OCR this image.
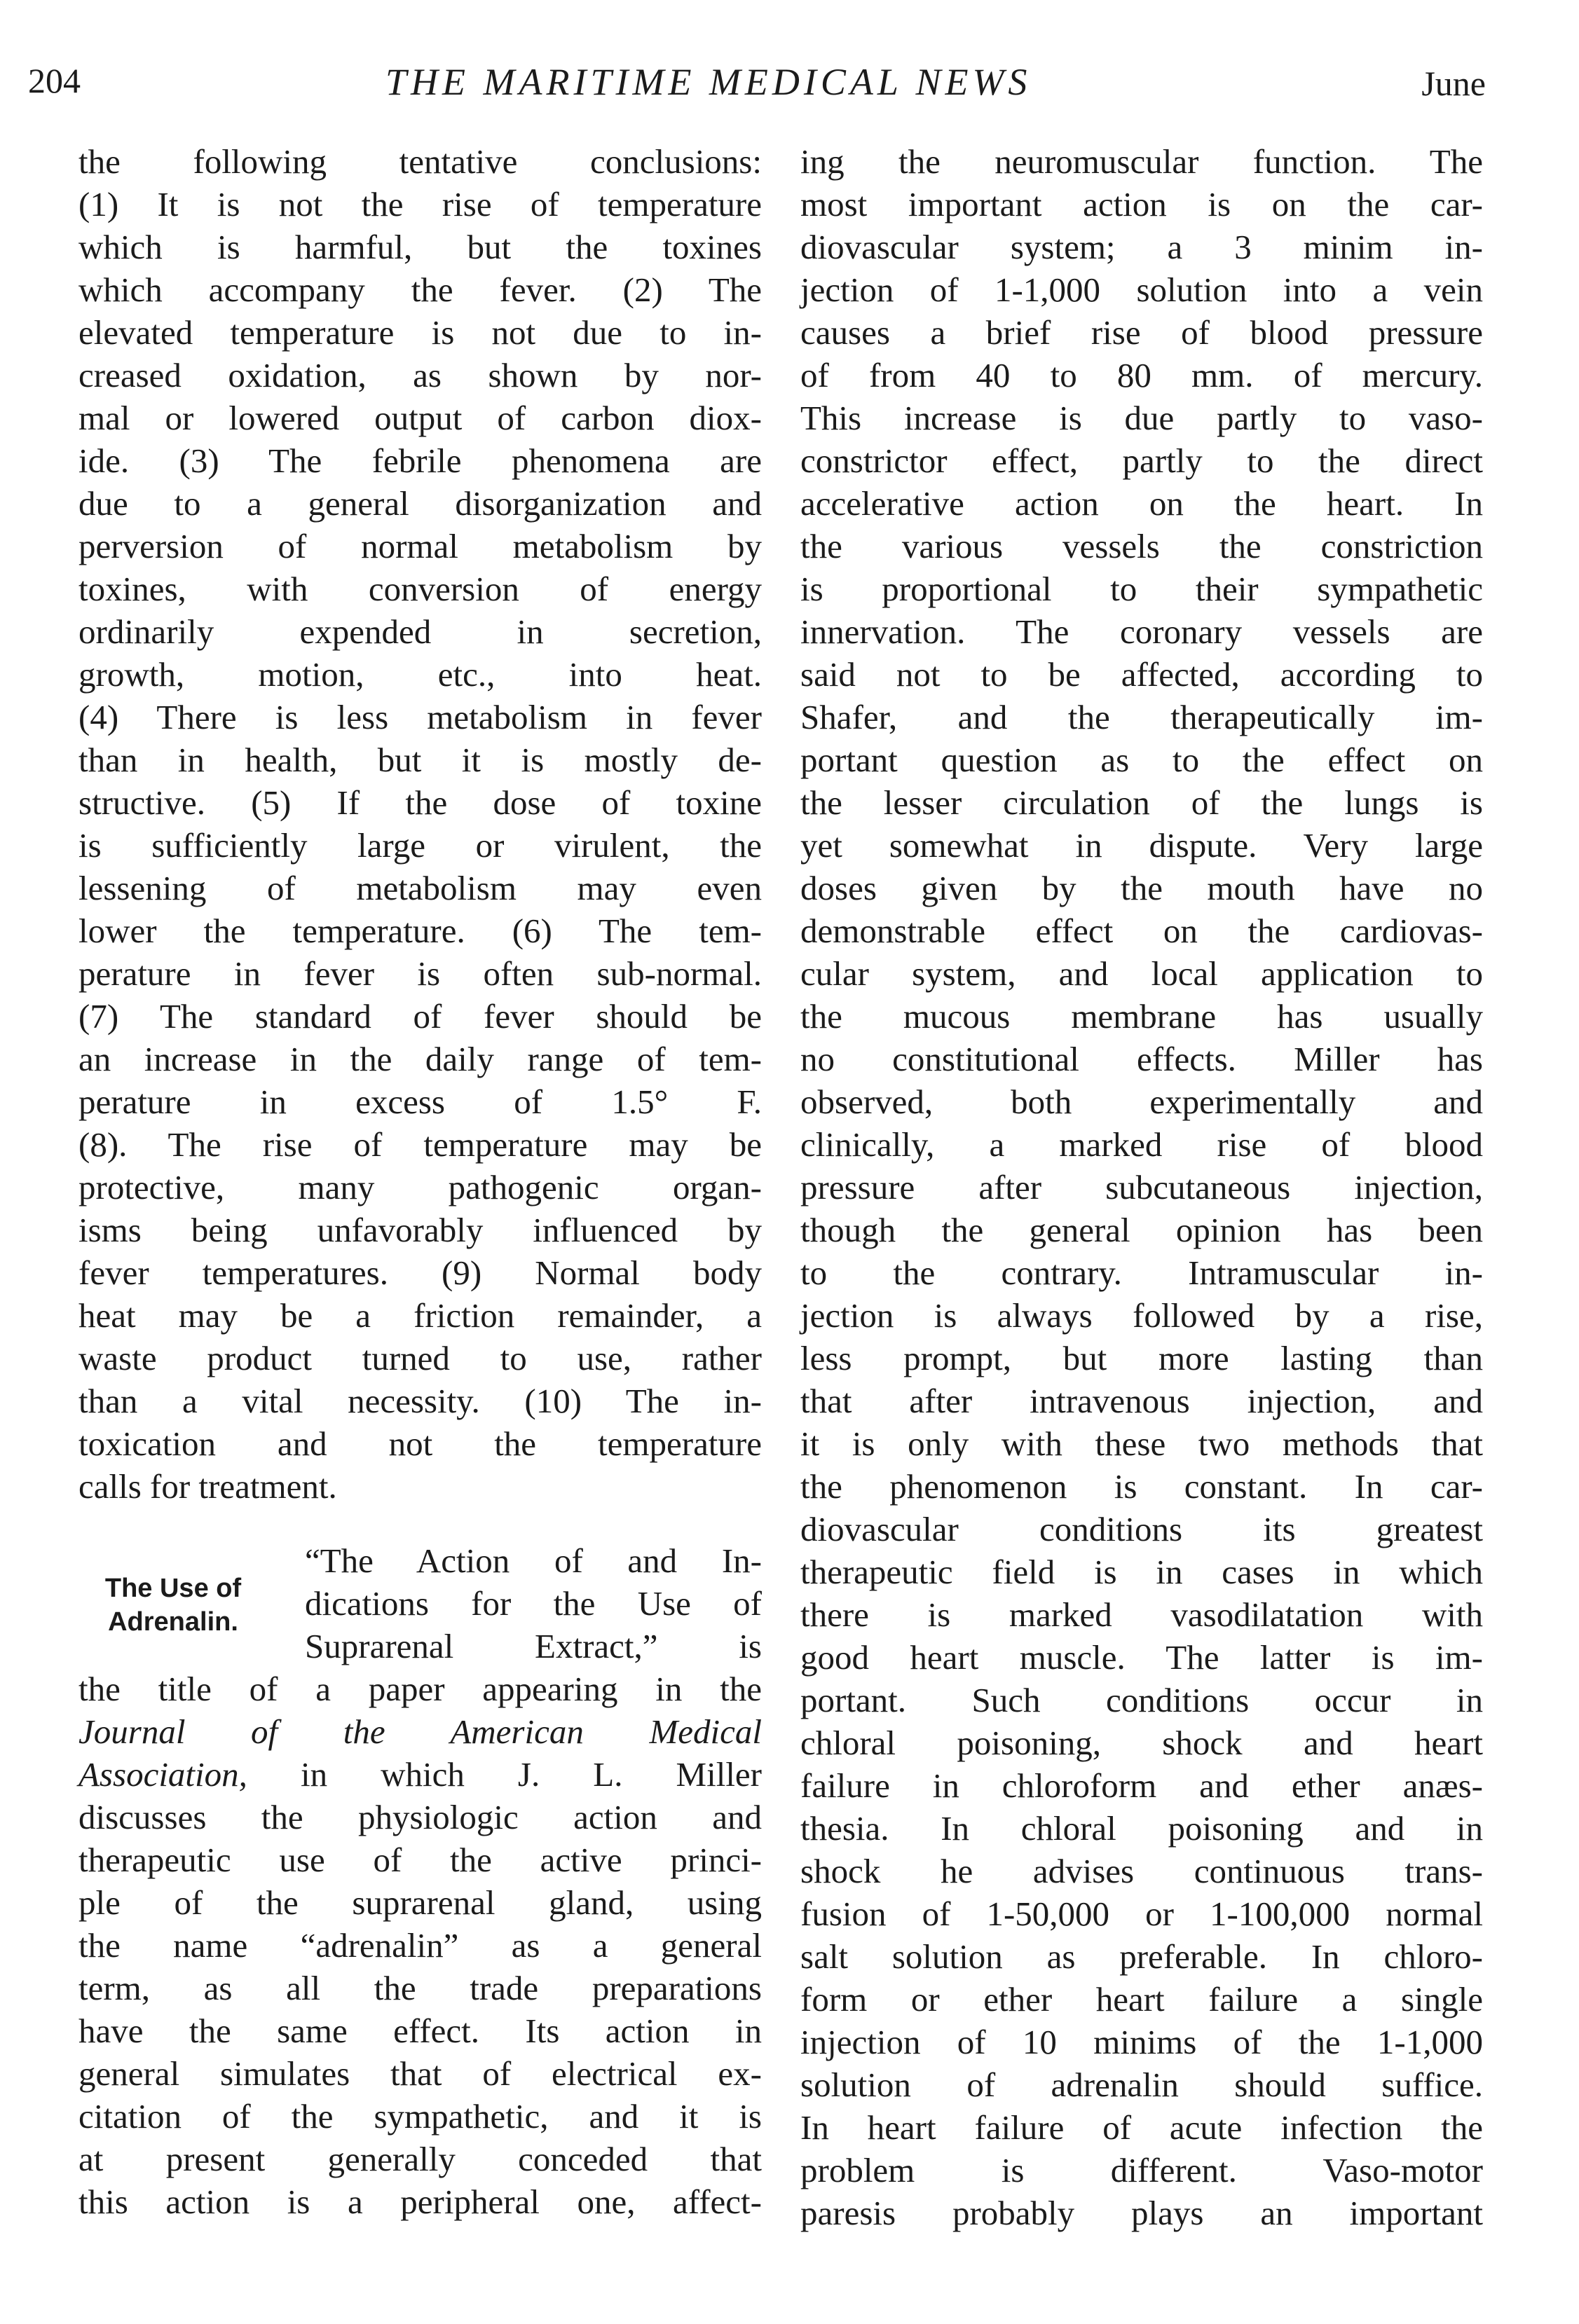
204	THE MARITIME MEDICAL NEWS	June
the following tentative conclusions:
(1) It is not the rise of temperature
which is harmful, but the toxines
which accompany the fever. (2) The
elevated temperature is not due to in-
creased oxidation, as shown by nor-
mal or lowered output of carbon diox-
ide. (3) The febrile phenomena are
due to a general disorganization and
perversion of normal metabolism by
toxines, with conversion of energy
ordinarily expended in secretion,
growth, motion, etc., into heat.
(4) There is less metabolism in fever
than in health, but it is mostly de-
structive. (5) If the dose of toxine
is sufficiently large or virulent, the
lessening of metabolism may even
lower the temperature. (6) The tem-
perature in fever is often sub-normal.
(7) The standard of fever should be
an increase in the daily range of tem-
perature in excess of 1.5° F.
(8). The rise of temperature may be
protective, many pathogenic organ-
isms being unfavorably influenced by
fever temperatures. (9) Normal body
heat may be a friction remainder, a
waste product turned to use, rather
than a vital necessity. (10) The in-
toxication and not the temperature
calls for treatment.
The Use of
Adrenalin.
“The Action of and In-
dications for the Use of
Suprarenal Extract,” is
the title of a paper appearing in the
Journal of the American Medical
Association, in which J. L. Miller
discusses the physiologic action and
therapeutic use of the active princi-
ple of the suprarenal gland, using
the name “adrenalin” as a general
term, as all the trade preparations
have the same effect. Its action in
general simulates that of electrical ex-
citation of the sympathetic, and it is
at present generally conceded that
this action is a peripheral one, affect-
ing the neuromuscular function. The
most important action is on the car-
diovascular system; a 3 minim in-
jection of 1-1,000 solution into a vein
causes a brief rise of blood pressure
of from 40 to 80 mm. of mercury.
This increase is due partly to vaso-
constrictor effect, partly to the direct
accelerative action on the heart. In
the various vessels the constriction
is proportional to their sympathetic
innervation. The coronary vessels are
said not to be affected, according to
Shafer, and the therapeutically im-
portant question as to the effect on
the lesser circulation of the lungs is
yet somewhat in dispute. Very large
doses given by the mouth have no
demonstrable effect on the cardiovas-
cular system, and local application to
the mucous membrane has usually
no constitutional effects. Miller has
observed, both experimentally and
clinically, a marked rise of blood
pressure after subcutaneous injection,
though the general opinion has been
to the contrary. Intramuscular in-
jection is always followed by a rise,
less prompt, but more lasting than
that after intravenous injection, and
it is only with these two methods that
the phenomenon is constant. In car-
diovascular conditions its greatest
therapeutic field is in cases in which
there is marked vasodilatation with
good heart muscle. The latter is im-
portant. Such conditions occur in
chloral poisoning, shock and heart
failure in chloroform and ether anæs-
thesia. In chloral poisoning and in
shock he advises continuous trans-
fusion of 1-50,000 or 1-100,000 normal
salt solution as preferable. In chloro-
form or ether heart failure a single
injection of 10 minims of the 1-1,000
solution of adrenalin should suffice.
In heart failure of acute infection the
problem is different. Vaso-motor
paresis probably plays an important
